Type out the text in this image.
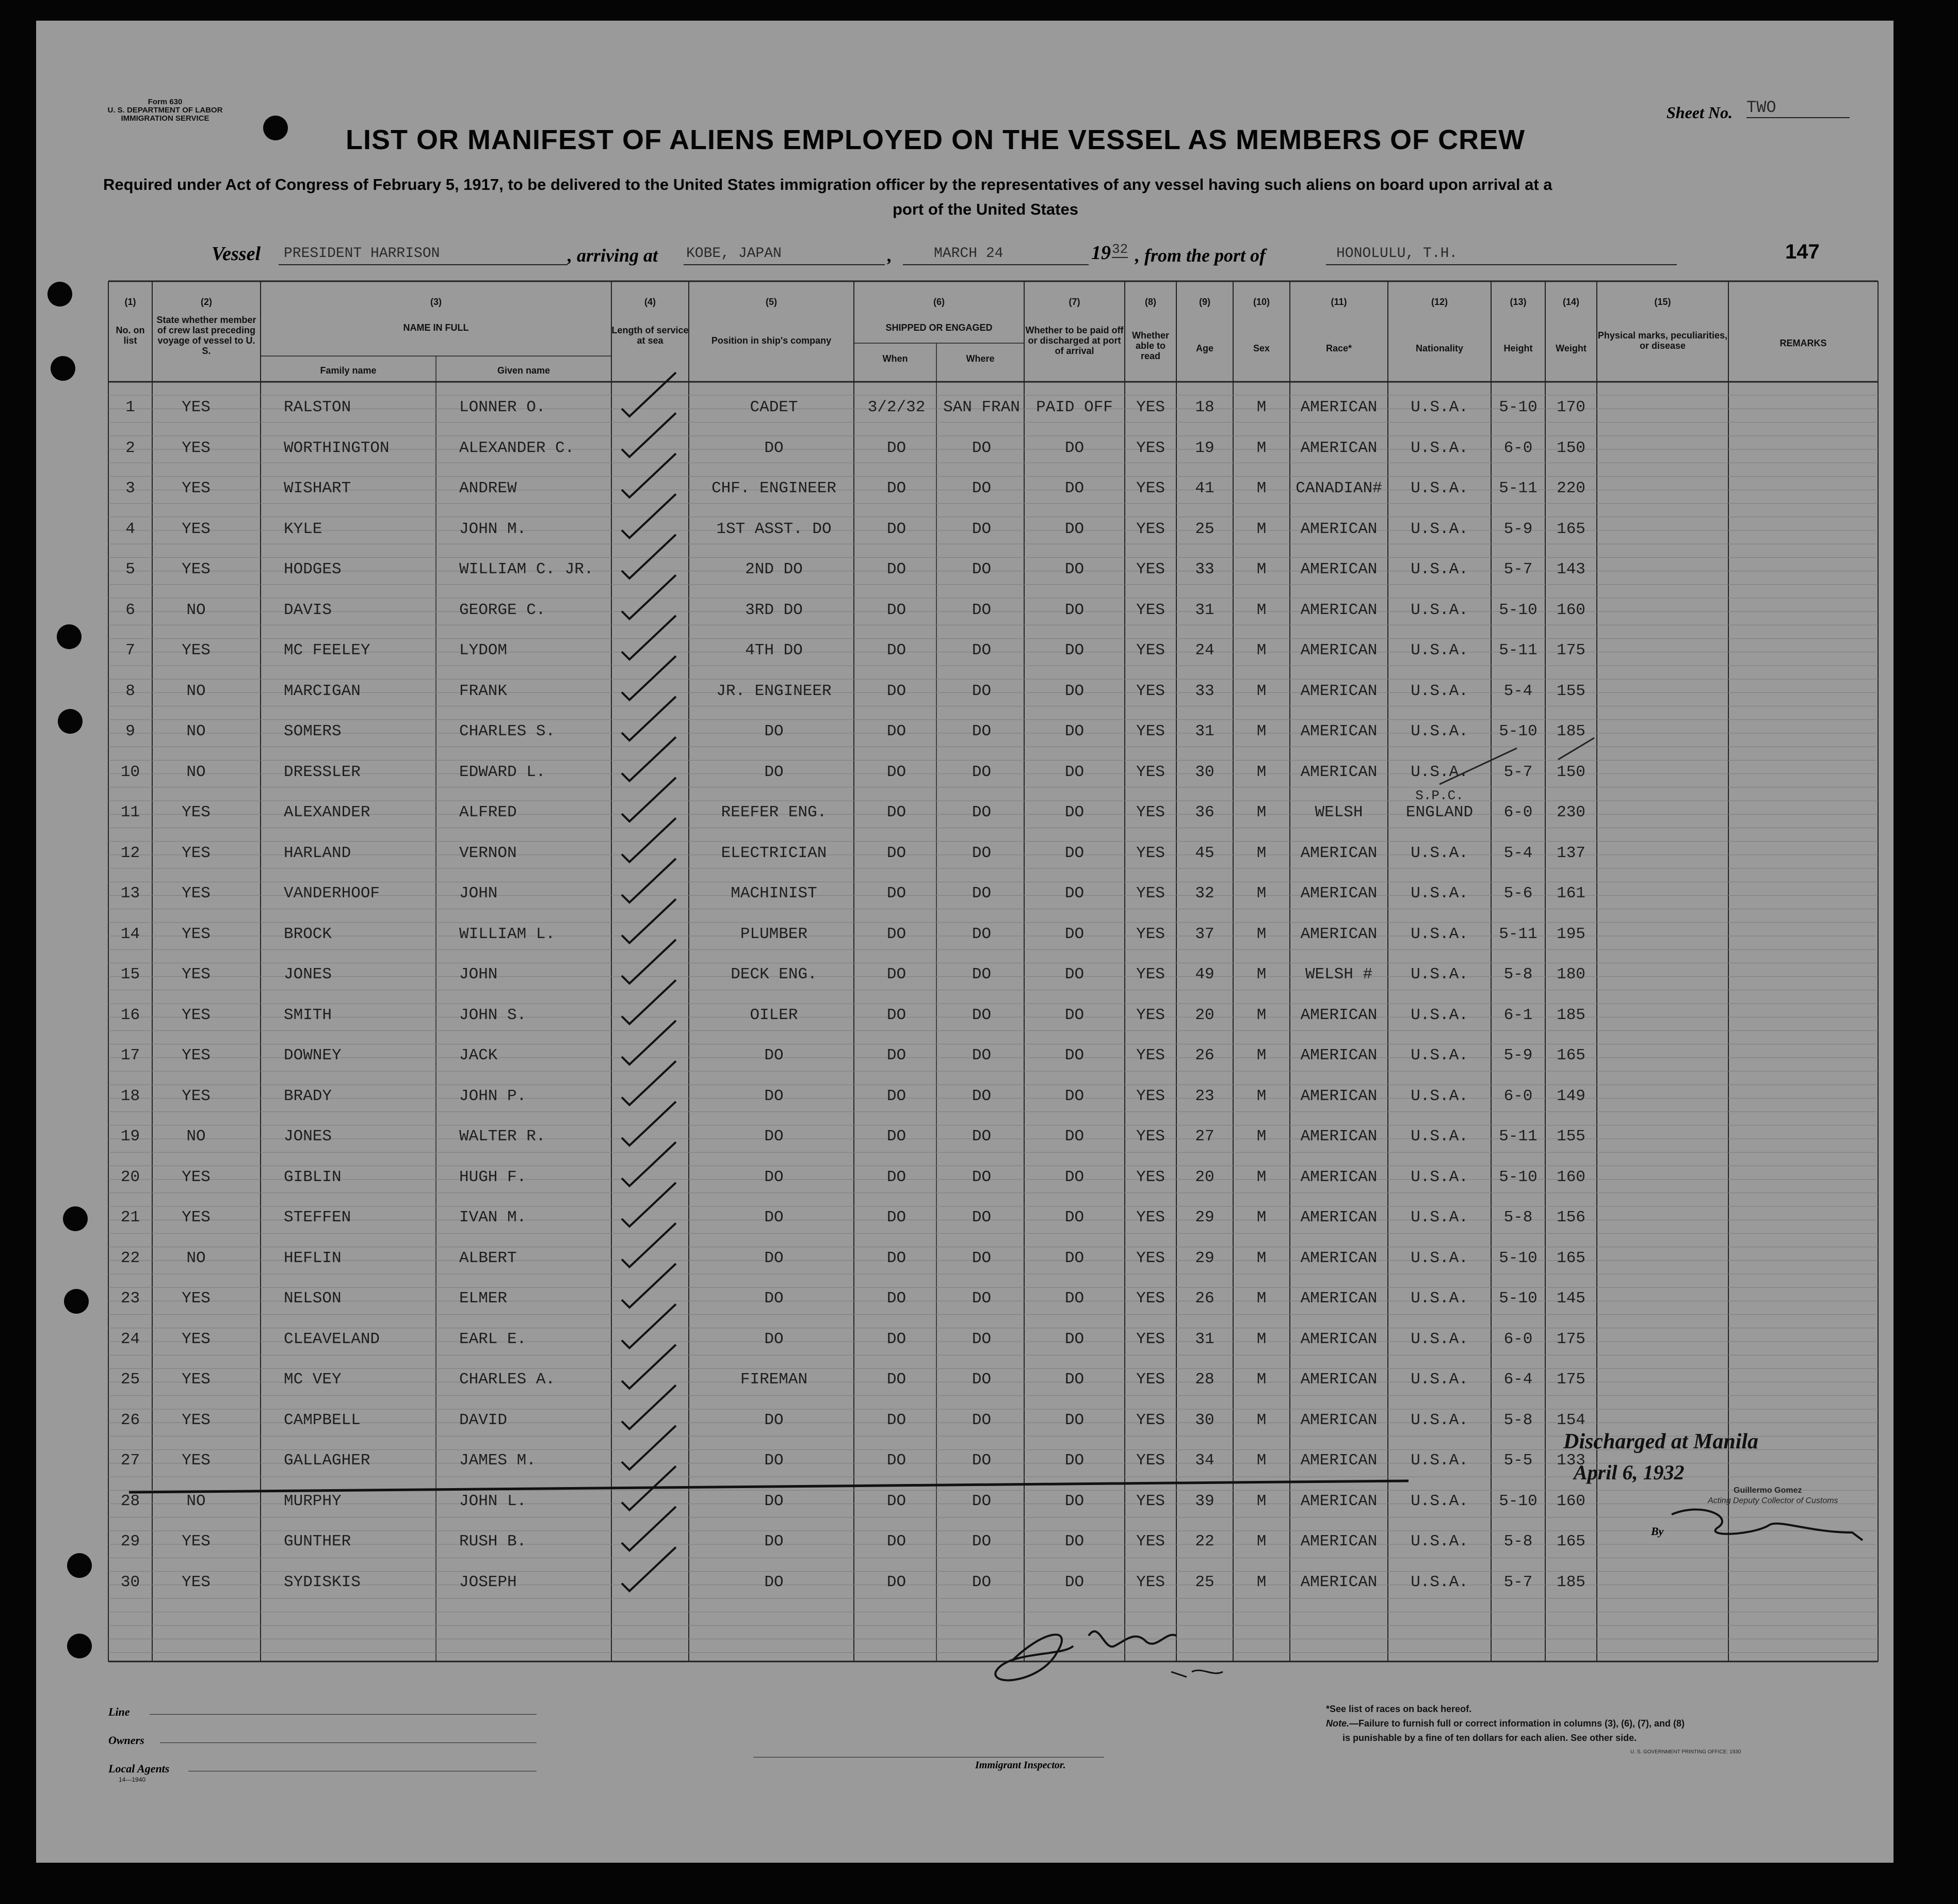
Form 630
U. S. DEPARTMENT OF LABOR
IMMIGRATION SERVICE	Sheet No. TWO
LIST OR MANIFEST OF ALIENS EMPLOYED ON THE VESSEL AS MEMBERS OF CREW
Required under Act of Congress of February 5, 1917, to be delivered to the United States immigration officer by the representatives of any vessel having such aliens on board upon arrival at a
port of the United States
Vessel PRESIDENT HARRISON	, arriving at KOBE, JAPAN	,	MARCH 24	19 32 , from the port of	HONOLULU, T.H.	147
(1)	(2)	(3)	(4)	(5)	(6)	(7)	(8)	(9)	(10)	(11)	(12)	(13)	(14)	(15)
No. on list
State whether member of crew last preceding voyage of vessel to U. S.
NAME IN FULL
Family name	Given name
Length of service at sea	Position in ship's company
SHIPPED OR ENGAGED
When	Where
Whether to be paid off or discharged at port of arrival
Whether able to read
Age	Sex	Race*	Nationality	Height	Weight
Physical marks, peculiarities, or disease	REMARKS
1	YES	RALSTON	LONNER O.	CADET	3/2/32	SAN FRAN	PAID OFF	YES	18	M	AMERICAN	U.S.A.	5-10	170
2	YES	WORTHINGTON	ALEXANDER C.	DO	DO	DO	DO	YES	19	M	AMERICAN	U.S.A.	6-0	150
3	YES	WISHART	ANDREW	CHF. ENGINEER	DO	DO	DO	YES	41	M	CANADIAN#	U.S.A.	5-11	220
4	YES	KYLE	JOHN M.	1ST ASST. DO	DO	DO	DO	YES	25	M	AMERICAN	U.S.A.	5-9	165
5	YES	HODGES	WILLIAM C. JR.	2ND DO	DO	DO	DO	YES	33	M	AMERICAN	U.S.A.	5-7	143
6	NO	DAVIS	GEORGE C.	3RD DO	DO	DO	DO	YES	31	M	AMERICAN	U.S.A.	5-10	160
7	YES	MC FEELEY	LYDOM	4TH DO	DO	DO	DO	YES	24	M	AMERICAN	U.S.A.	5-11	175
8	NO	MARCIGAN	FRANK	JR. ENGINEER	DO	DO	DO	YES	33	M	AMERICAN	U.S.A.	5-4	155
9	NO	SOMERS	CHARLES S.	DO	DO	DO	DO	YES	31	M	AMERICAN	U.S.A.	5-10	185
10	NO	DRESSLER	EDWARD L.	DO	DO	DO	DO	YES	30	M	AMERICAN	U.S.A.	5-7	150
11	YES	ALEXANDER	ALFRED	REEFER ENG.	DO	DO	DO	YES	36	M	WELSH	ENGLAND	6-0	230
S.P.C.
12	YES	HARLAND	VERNON	ELECTRICIAN	DO	DO	DO	YES	45	M	AMERICAN	U.S.A.	5-4	137
13	YES	VANDERHOOF	JOHN	MACHINIST	DO	DO	DO	YES	32	M	AMERICAN	U.S.A.	5-6	161
14	YES	BROCK	WILLIAM L.	PLUMBER	DO	DO	DO	YES	37	M	AMERICAN	U.S.A.	5-11	195
15	YES	JONES	JOHN	DECK ENG.	DO	DO	DO	YES	49	M	WELSH #	U.S.A.	5-8	180
16	YES	SMITH	JOHN S.	OILER	DO	DO	DO	YES	20	M	AMERICAN	U.S.A.	6-1	185
17	YES	DOWNEY	JACK	DO	DO	DO	DO	YES	26	M	AMERICAN	U.S.A.	5-9	165
18	YES	BRADY	JOHN P.	DO	DO	DO	DO	YES	23	M	AMERICAN	U.S.A.	6-0	149
19	NO	JONES	WALTER R.	DO	DO	DO	DO	YES	27	M	AMERICAN	U.S.A.	5-11	155
20	YES	GIBLIN	HUGH F.	DO	DO	DO	DO	YES	20	M	AMERICAN	U.S.A.	5-10	160
21	YES	STEFFEN	IVAN M.	DO	DO	DO	DO	YES	29	M	AMERICAN	U.S.A.	5-8	156
22	NO	HEFLIN	ALBERT	DO	DO	DO	DO	YES	29	M	AMERICAN	U.S.A.	5-10	165
23	YES	NELSON	ELMER	DO	DO	DO	DO	YES	26	M	AMERICAN	U.S.A.	5-10	145
24	YES	CLEAVELAND	EARL E.	DO	DO	DO	DO	YES	31	M	AMERICAN	U.S.A.	6-0	175
25	YES	MC VEY	CHARLES A.	FIREMAN	DO	DO	DO	YES	28	M	AMERICAN	U.S.A.	6-4	175
26	YES	CAMPBELL	DAVID	DO	DO	DO	DO	YES	30	M	AMERICAN	U.S.A.	5-8	154
27	YES	GALLAGHER	JAMES M.	DO	DO	DO	DO	YES	34	M	AMERICAN	U.S.A.	5-5	133
28	NO	MURPHY	JOHN L.	DO	DO	DO	DO	YES	39	M	AMERICAN	U.S.A.	5-10	160
29	YES	GUNTHER	RUSH B.	DO	DO	DO	DO	YES	22	M	AMERICAN	U.S.A.	5-8	165
30	YES	SYDISKIS	JOSEPH	DO	DO	DO	DO	YES	25	M	AMERICAN	U.S.A.	5-7	185
Discharged at Manila
April 6, 1932
Guillermo Gomez
Acting Deputy Collector of Customs
By
Line
Owners
Local Agents
14—1940
Immigrant Inspector.
*See list of races on back hereof.
Note.—Failure to furnish full or correct information in columns (3), (6), (7), and (8)
is punishable by a fine of ten dollars for each alien. See other side.
U. S. GOVERNMENT PRINTING OFFICE: 1930
